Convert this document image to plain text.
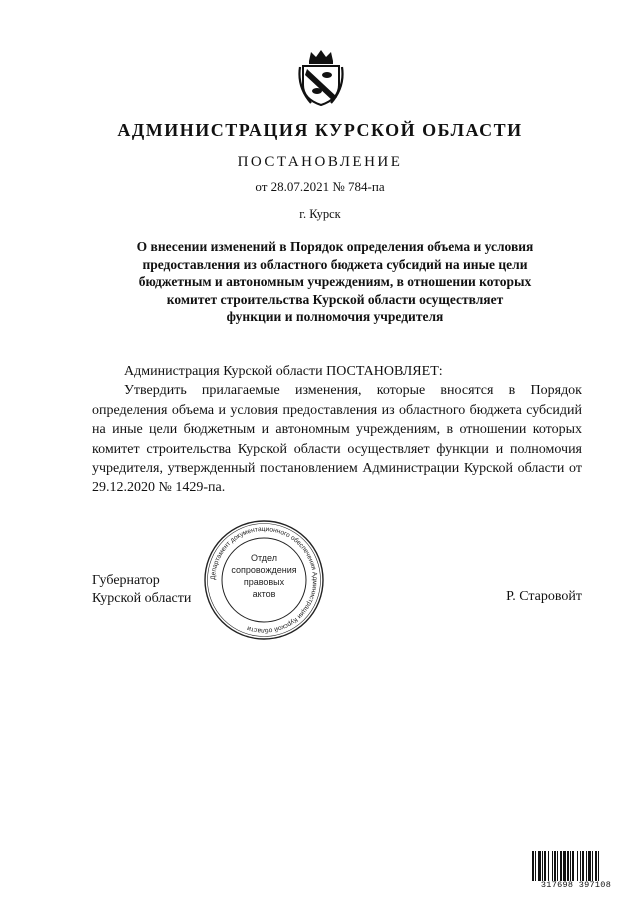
АДМИНИСТРАЦИЯ КУРСКОЙ ОБЛАСТИ
ПОСТАНОВЛЕНИЕ
от 28.07.2021 № 784-па
г. Курск
О внесении изменений в Порядок определения объема и условия
предоставления из областного бюджета субсидий на иные цели
бюджетным и автономным учреждениям, в отношении которых
комитет строительства Курской области осуществляет
функции и полномочия учредителя

Администрация Курской области ПОСТАНОВЛЯЕТ:

Утвердить прилагаемые изменения, которые вносятся в Порядок определения объема и условия предоставления из областного бюджета субсидий на иные цели бюджетным и автономным учреждениям, в отношении которых комитет строительства Курской области осуществляет функции и полномочия учредителя, утвержденный постановлением Администрации Курской области от 29.12.2020 № 1429-па.

Губернатор
Курской области	Р. Старовойт
Департамент документационного обеспечения Администрации Курской области
Отдел
сопровождения
правовых
актов
317698 397108
